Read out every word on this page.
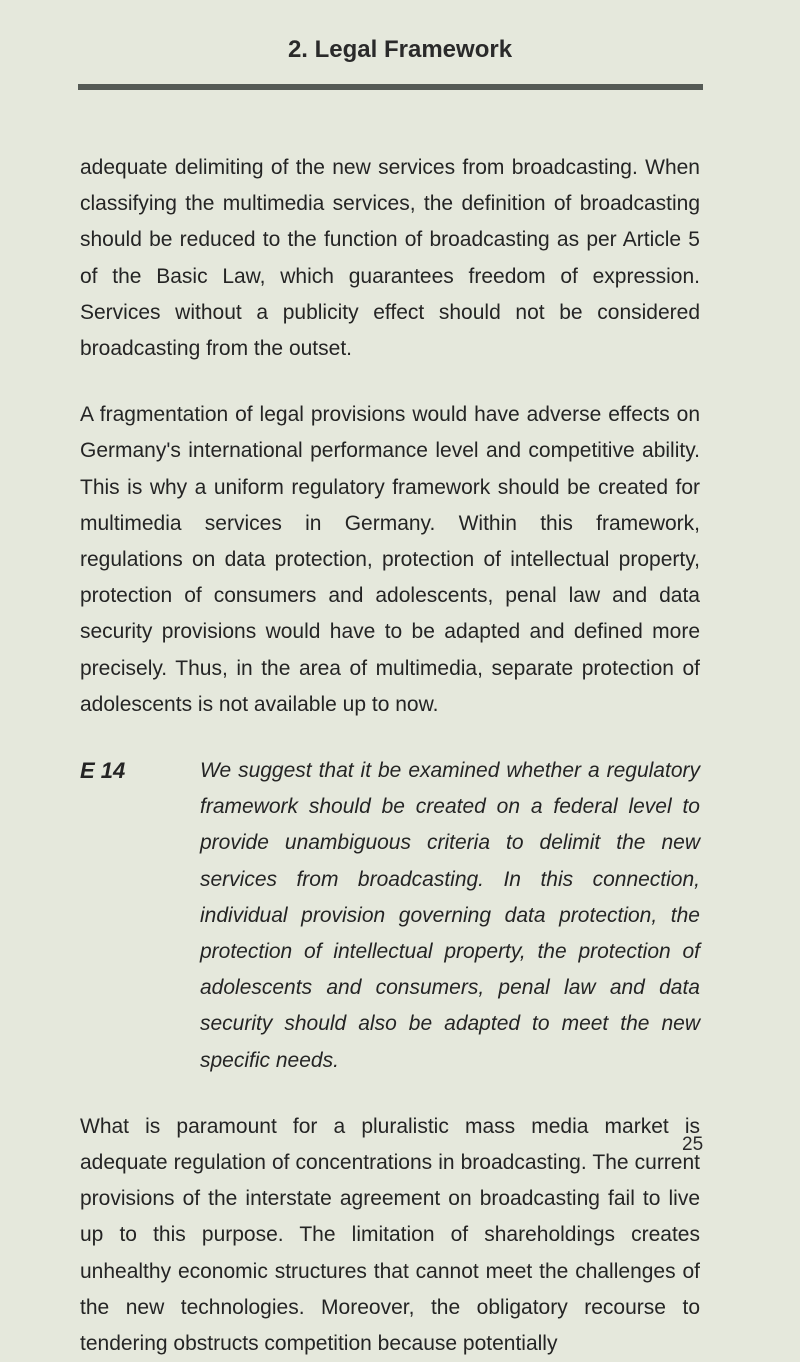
2. Legal Framework

adequate delimiting of the new services from broadcasting. When classifying the multimedia services, the definition of broadcasting should be reduced to the function of broadcasting as per Article 5 of the Basic Law, which guarantees freedom of expression. Services without a publicity effect should not be considered broadcasting from the outset.

A fragmentation of legal provisions would have adverse effects on Germany's international performance level and competitive ability. This is why a uniform regulatory framework should be created for multimedia services in Germany. Within this framework, regulations on data protection, protection of intellectual property, protection of consumers and adolescents, penal law and data security provisions would have to be adapted and defined more precisely. Thus, in the area of multimedia, separate protection of adolescents is not available up to now.

E 14	We suggest that it be examined whether a regulatory framework should be created on a federal level to provide unambiguous criteria to delimit the new services from broadcasting. In this connection, individual provision governing data protection, the protection of intellectual property, the protection of adolescents and consumers, penal law and data security should also be adapted to meet the new specific needs.

What is paramount for a pluralistic mass media market is adequate regulation of concentrations in broadcasting. The current provisions of the interstate agreement on broadcasting fail to live up to this purpose. The limitation of shareholdings creates unhealthy economic structures that cannot meet the challenges of the new technologies. Moreover, the obligatory recourse to tendering obstructs competition because potentially

25
